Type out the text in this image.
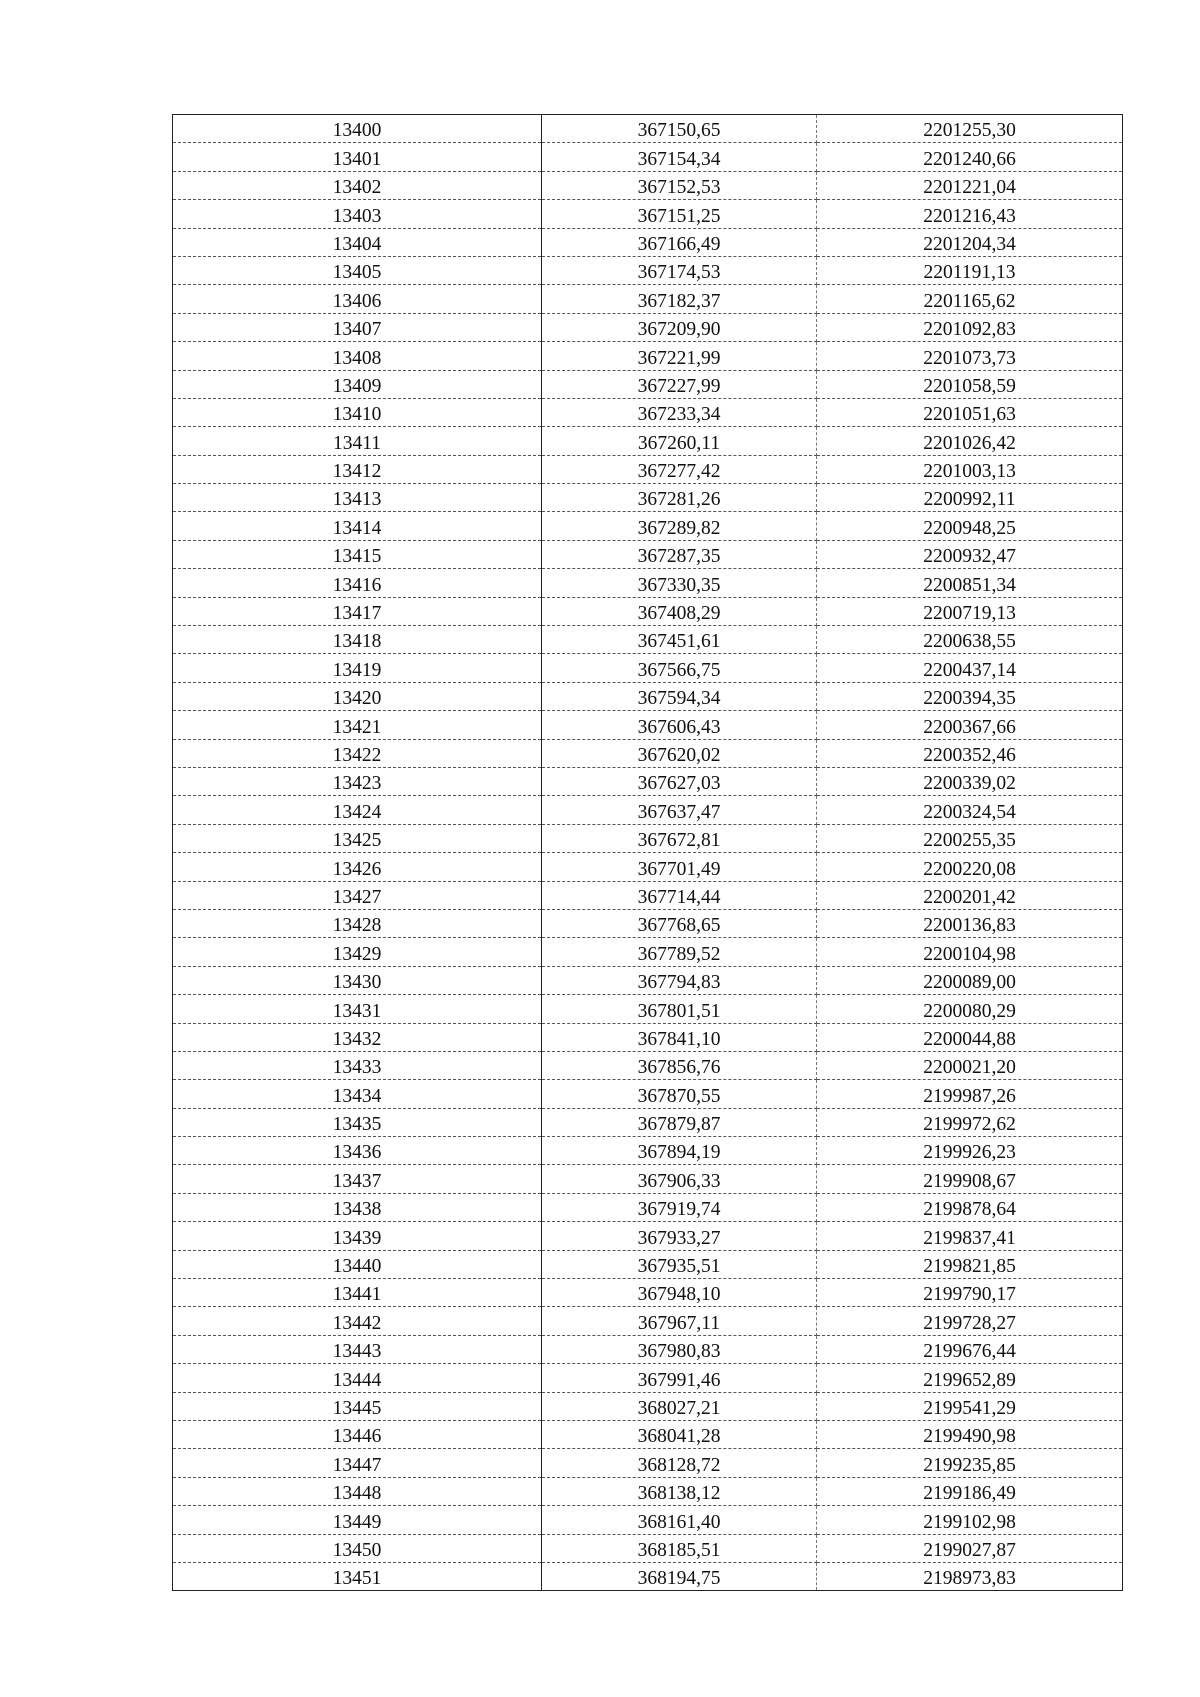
13400	367150,65	2201255,30
13401	367154,34	2201240,66
13402	367152,53	2201221,04
13403	367151,25	2201216,43
13404	367166,49	2201204,34
13405	367174,53	2201191,13
13406	367182,37	2201165,62
13407	367209,90	2201092,83
13408	367221,99	2201073,73
13409	367227,99	2201058,59
13410	367233,34	2201051,63
13411	367260,11	2201026,42
13412	367277,42	2201003,13
13413	367281,26	2200992,11
13414	367289,82	2200948,25
13415	367287,35	2200932,47
13416	367330,35	2200851,34
13417	367408,29	2200719,13
13418	367451,61	2200638,55
13419	367566,75	2200437,14
13420	367594,34	2200394,35
13421	367606,43	2200367,66
13422	367620,02	2200352,46
13423	367627,03	2200339,02
13424	367637,47	2200324,54
13425	367672,81	2200255,35
13426	367701,49	2200220,08
13427	367714,44	2200201,42
13428	367768,65	2200136,83
13429	367789,52	2200104,98
13430	367794,83	2200089,00
13431	367801,51	2200080,29
13432	367841,10	2200044,88
13433	367856,76	2200021,20
13434	367870,55	2199987,26
13435	367879,87	2199972,62
13436	367894,19	2199926,23
13437	367906,33	2199908,67
13438	367919,74	2199878,64
13439	367933,27	2199837,41
13440	367935,51	2199821,85
13441	367948,10	2199790,17
13442	367967,11	2199728,27
13443	367980,83	2199676,44
13444	367991,46	2199652,89
13445	368027,21	2199541,29
13446	368041,28	2199490,98
13447	368128,72	2199235,85
13448	368138,12	2199186,49
13449	368161,40	2199102,98
13450	368185,51	2199027,87
13451	368194,75	2198973,83
